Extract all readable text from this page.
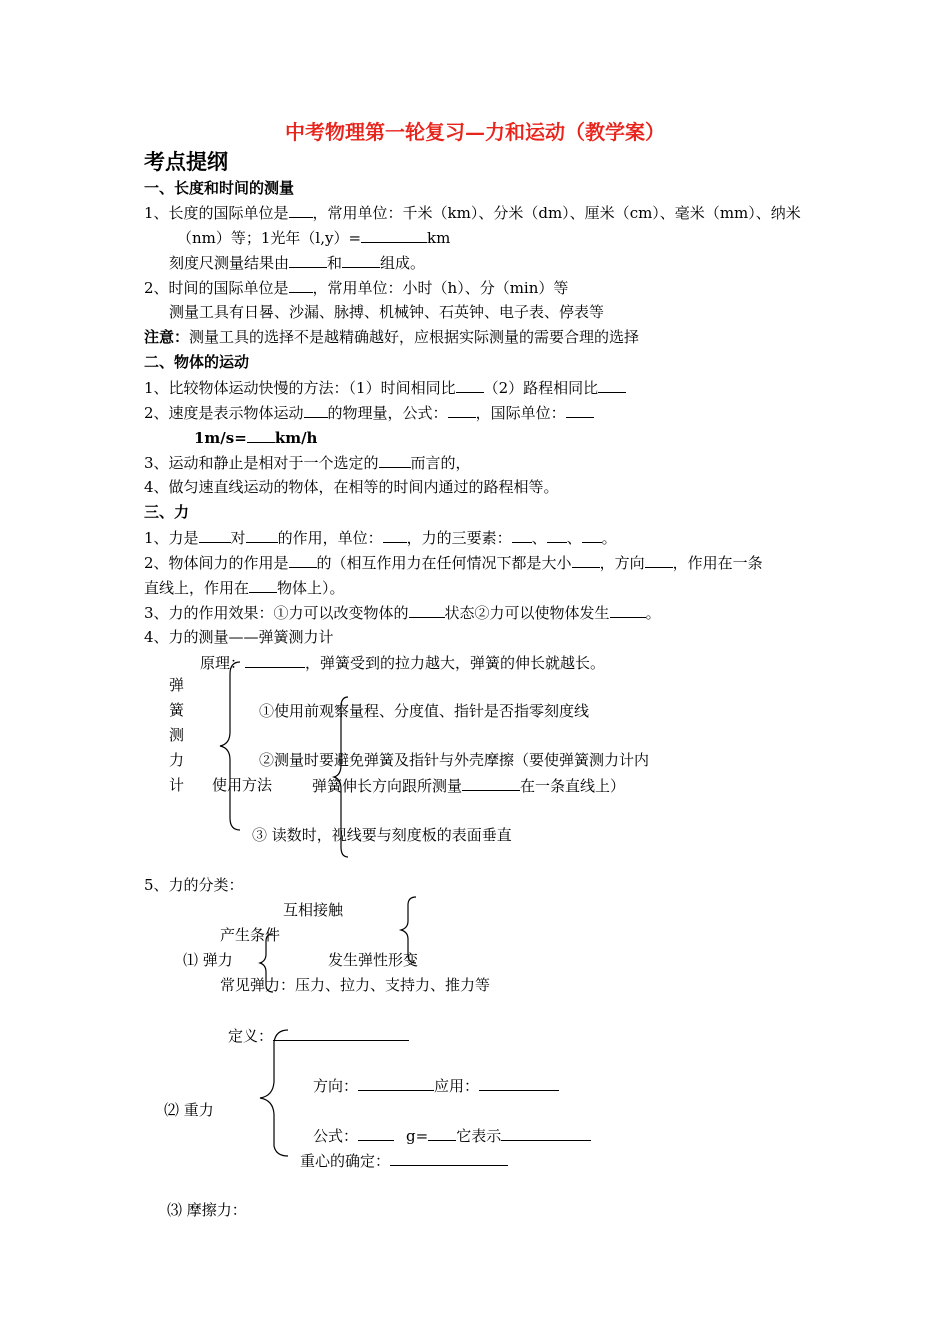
中考物理第一轮复习—力和运动（教学案）
考点提纲
一、长度和时间的测量
1、长度的国际单位是 ，常用单位：千米（km）、分米（dm）、厘米（cm）、毫米（mm）、纳米
（nm）等；1光年（l,y）=	km
刻度尺测量结果由	和	组成。
2、时间的国际单位是 ，常用单位：小时（h）、分（min）等
测量工具有日晷、沙漏、脉搏、机械钟、石英钟、电子表、停表等
注意：测量工具的选择不是越精确越好，应根据实际测量的需要合理的选择
二、物体的运动
1、比较物体运动快慢的方法：（1）时间相同比 （2）路程相同比
2、速度是表示物体运动 的物理量，公式： ，国际单位：
1m/s= km/h
3、运动和静止是相对于一个选定的 而言的，
4、做匀速直线运动的物体，在相等的时间内通过的路程相等。
三、力
1、力是 对 的作用，单位： ，力的三要素： 、 、 。
2、物体间力的作用是 的（相互作用力在任何情况下都是大小 ，方向 ，作用在一条
直线上，作用在 物体上）。
3、力的作用效果：①力可以改变物体的 状态②力可以使物体发生 。
4、力的测量——弹簧测力计
原理：	，弹簧受到的拉力越大，弹簧的伸长就越长。
弹
簧
测
力
计	使用方法
①使用前观察量程、分度值、指针是否指零刻度线
②测量时要避免弹簧及指针与外壳摩擦（要使弹簧测力计内
弹簧伸长方向跟所测量	在一条直线上）
③ 读数时，视线要与刻度板的表面垂直
5、力的分类：
互相接触
产生条件
⑴ 弹力	发生弹性形变
常见弹力：压力、拉力、支持力、推力等
定义：
方向：	应用：
⑵ 重力
公式：	g= 它表示
重心的确定：
⑶ 摩擦力：
